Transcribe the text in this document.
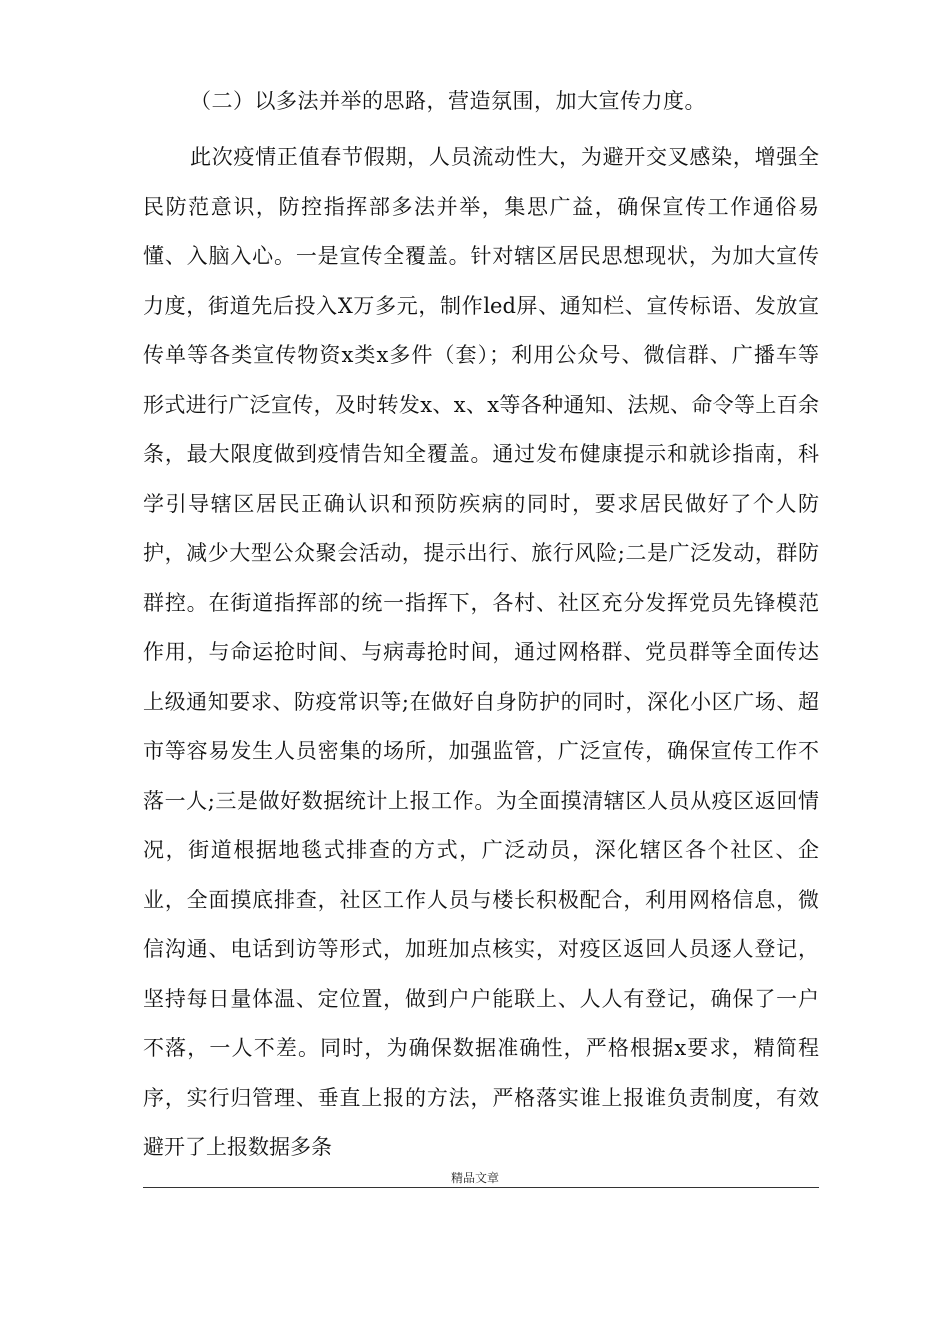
（二）以多法并举的思路，营造氛围，加大宣传力度。
此次疫情正值春节假期，人员流动性大，为避开交叉感染，增强全
民防范意识，防控指挥部多法并举，集思广益，确保宣传工作通俗易
懂、入脑入心。一是宣传全覆盖。针对辖区居民思想现状，为加大宣传
力度，街道先后投入X万多元，制作led屏、通知栏、宣传标语、发放宣
传单等各类宣传物资x类x多件（套）；利用公众号、微信群、广播车等
形式进行广泛宣传，及时转发x、x、x等各种通知、法规、命令等上百余
条，最大限度做到疫情告知全覆盖。通过发布健康提示和就诊指南，科
学引导辖区居民正确认识和预防疾病的同时，要求居民做好了个人防
护，减少大型公众聚会活动，提示出行、旅行风险;二是广泛发动，群防
群控。在街道指挥部的统一指挥下，各村、社区充分发挥党员先锋模范
作用，与命运抢时间、与病毒抢时间，通过网格群、党员群等全面传达
上级通知要求、防疫常识等;在做好自身防护的同时，深化小区广场、超
市等容易发生人员密集的场所，加强监管，广泛宣传，确保宣传工作不
落一人;三是做好数据统计上报工作。为全面摸清辖区人员从疫区返回情
况，街道根据地毯式排查的方式，广泛动员，深化辖区各个社区、企
业，全面摸底排查，社区工作人员与楼长积极配合，利用网格信息，微
信沟通、电话到访等形式，加班加点核实，对疫区返回人员逐人登记，
坚持每日量体温、定位置，做到户户能联上、人人有登记，确保了一户
不落，一人不差。同时，为确保数据准确性，严格根据x要求，精简程
序，实行归管理、垂直上报的方法，严格落实谁上报谁负责制度，有效
避开了上报数据多条
精品文章
